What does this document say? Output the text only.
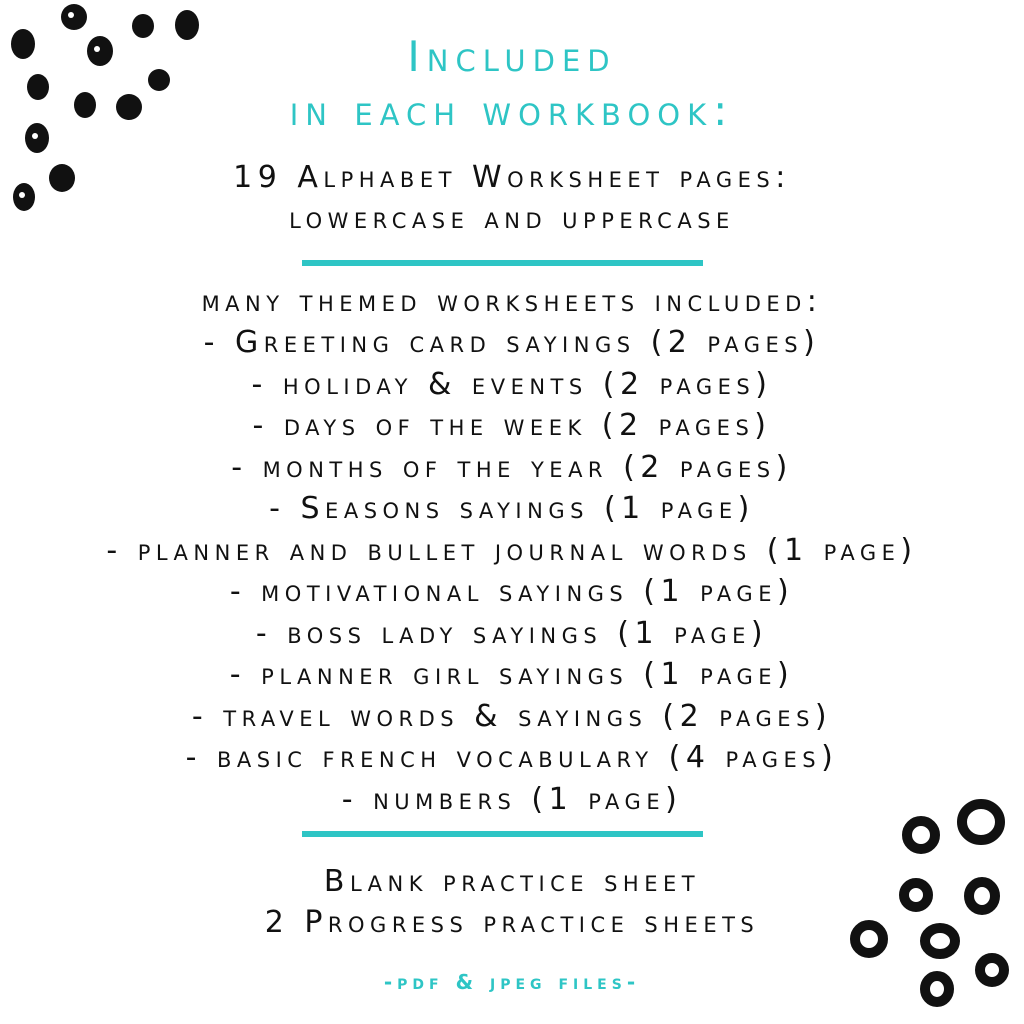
Included
in each workbook:
19 Alphabet Worksheet pages:
lowercase and uppercase
many themed worksheets included:
- Greeting card sayings (2 pages)
- holiday & events (2 pages)
- days of the week (2 pages)
- months of the year (2 pages)
- Seasons sayings (1 page)
- planner and bullet journal words (1 page)
- motivational sayings (1 page)
- boss lady sayings (1 page)
- planner girl sayings (1 page)
- travel words & sayings (2 pages)
- basic french vocabulary (4 pages)
- numbers (1 page)
Blank practice sheet
2 Progress practice sheets
-pdf & jpeg files-
